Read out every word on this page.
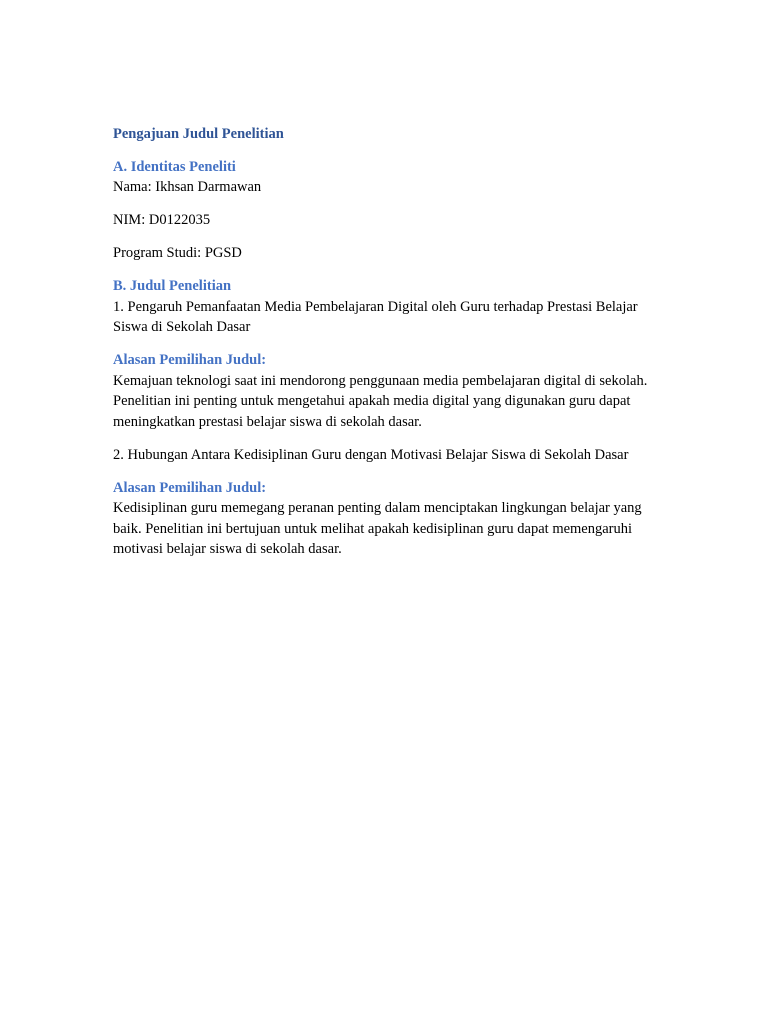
Pengajuan Judul Penelitian

A. Identitas Peneliti

Nama: Ikhsan Darmawan

NIM: D0122035

Program Studi: PGSD

B. Judul Penelitian

1. Pengaruh Pemanfaatan Media Pembelajaran Digital oleh Guru terhadap Prestasi Belajar Siswa di Sekolah Dasar

Alasan Pemilihan Judul:

Kemajuan teknologi saat ini mendorong penggunaan media pembelajaran digital di sekolah. Penelitian ini penting untuk mengetahui apakah media digital yang digunakan guru dapat meningkatkan prestasi belajar siswa di sekolah dasar.

2. Hubungan Antara Kedisiplinan Guru dengan Motivasi Belajar Siswa di Sekolah Dasar

Alasan Pemilihan Judul:

Kedisiplinan guru memegang peranan penting dalam menciptakan lingkungan belajar yang baik. Penelitian ini bertujuan untuk melihat apakah kedisiplinan guru dapat memengaruhi motivasi belajar siswa di sekolah dasar.
